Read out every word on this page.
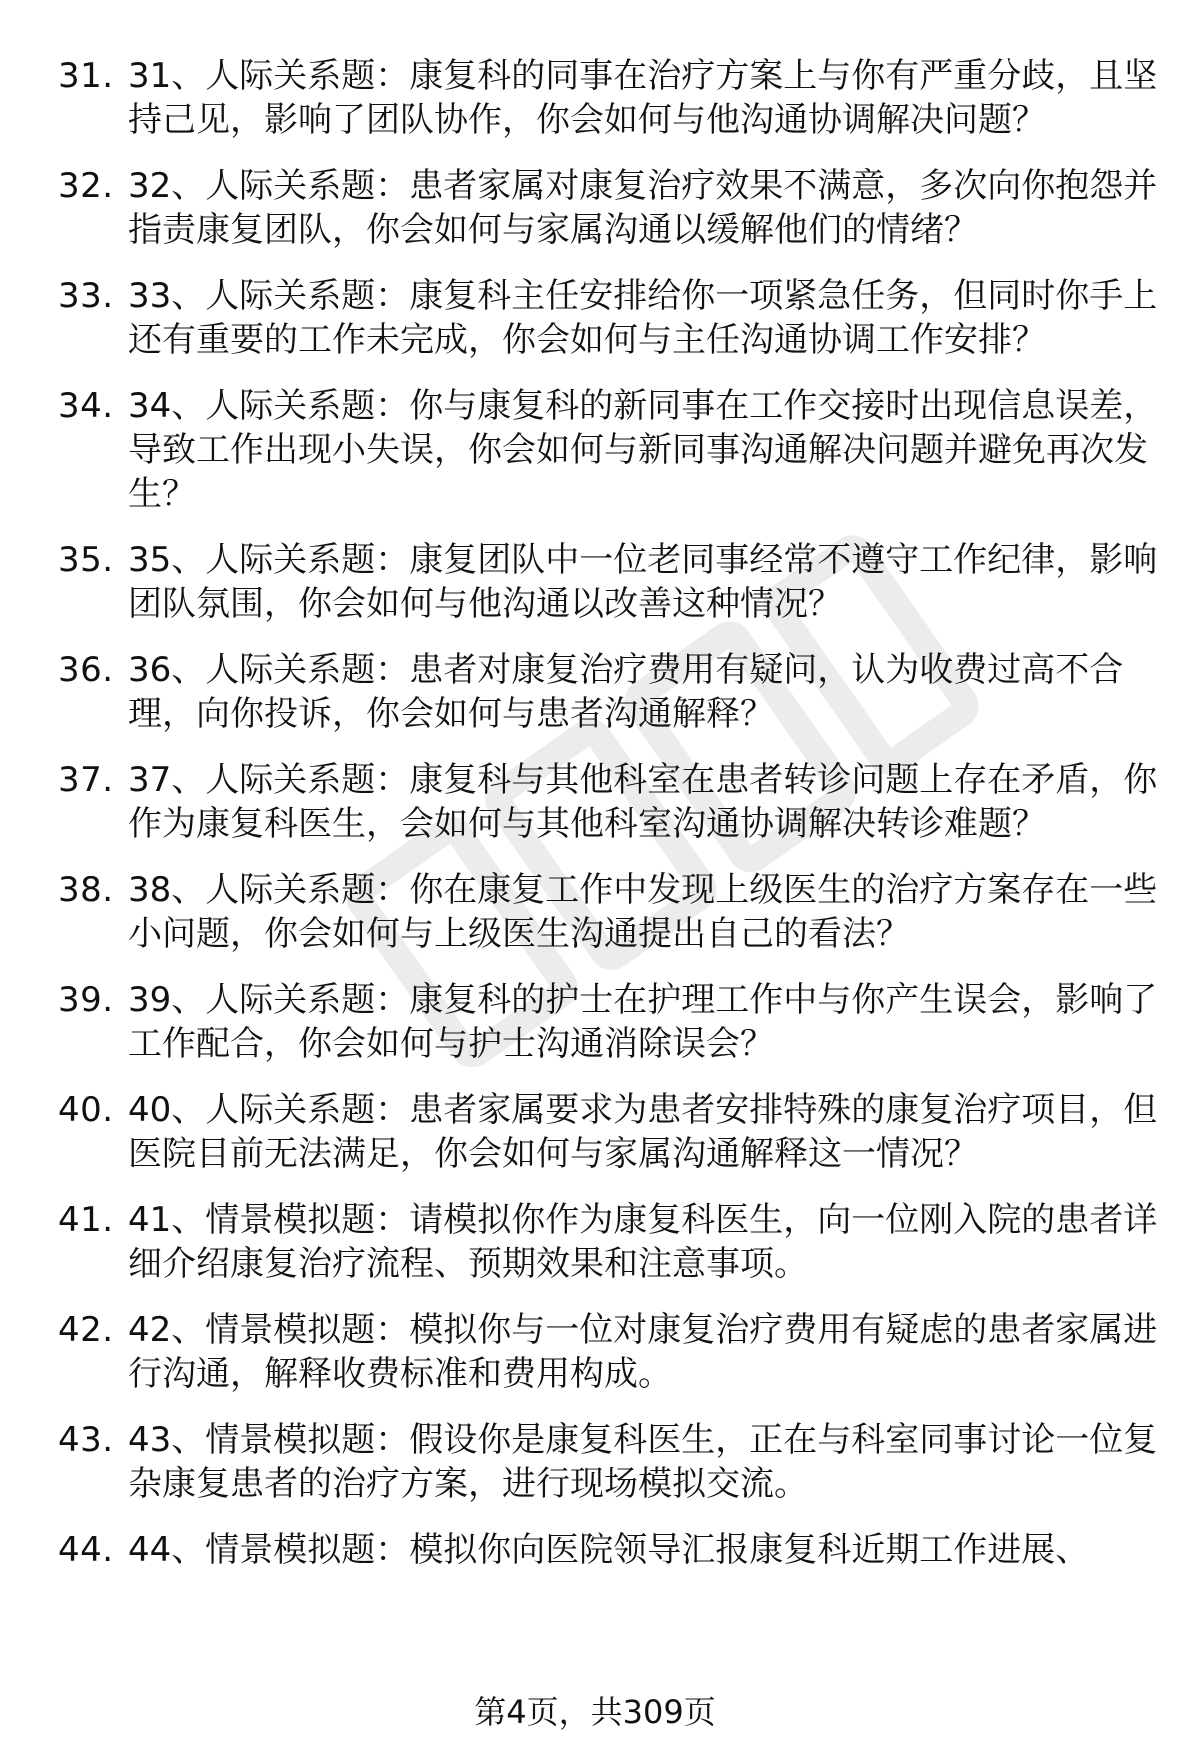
31. 31、人际关系题：康复科的同事在治疗方案上与你有严重分歧，且坚持己见，影响了团队协作，你会如何与他沟通协调解决问题？
32. 32、人际关系题：患者家属对康复治疗效果不满意，多次向你抱怨并指责康复团队，你会如何与家属沟通以缓解他们的情绪？
33. 33、人际关系题：康复科主任安排给你一项紧急任务，但同时你手上还有重要的工作未完成，你会如何与主任沟通协调工作安排？
34. 34、人际关系题：你与康复科的新同事在工作交接时出现信息误差，导致工作出现小失误，你会如何与新同事沟通解决问题并避免再次发生？
35. 35、人际关系题：康复团队中一位老同事经常不遵守工作纪律，影响团队氛围，你会如何与他沟通以改善这种情况？
36. 36、人际关系题：患者对康复治疗费用有疑问，认为收费过高不合理，向你投诉，你会如何与患者沟通解释？
37. 37、人际关系题：康复科与其他科室在患者转诊问题上存在矛盾，你作为康复科医生，会如何与其他科室沟通协调解决转诊难题？
38. 38、人际关系题：你在康复工作中发现上级医生的治疗方案存在一些小问题，你会如何与上级医生沟通提出自己的看法？
39. 39、人际关系题：康复科的护士在护理工作中与你产生误会，影响了工作配合，你会如何与护士沟通消除误会？
40. 40、人际关系题：患者家属要求为患者安排特殊的康复治疗项目，但医院目前无法满足，你会如何与家属沟通解释这一情况？
41. 41、情景模拟题：请模拟你作为康复科医生，向一位刚入院的患者详细介绍康复治疗流程、预期效果和注意事项。
42. 42、情景模拟题：模拟你与一位对康复治疗费用有疑虑的患者家属进行沟通，解释收费标准和费用构成。
43. 43、情景模拟题：假设你是康复科医生，正在与科室同事讨论一位复杂康复患者的治疗方案，进行现场模拟交流。
44. 44、情景模拟题：模拟你向医院领导汇报康复科近期工作进展、
第4页，共309页
